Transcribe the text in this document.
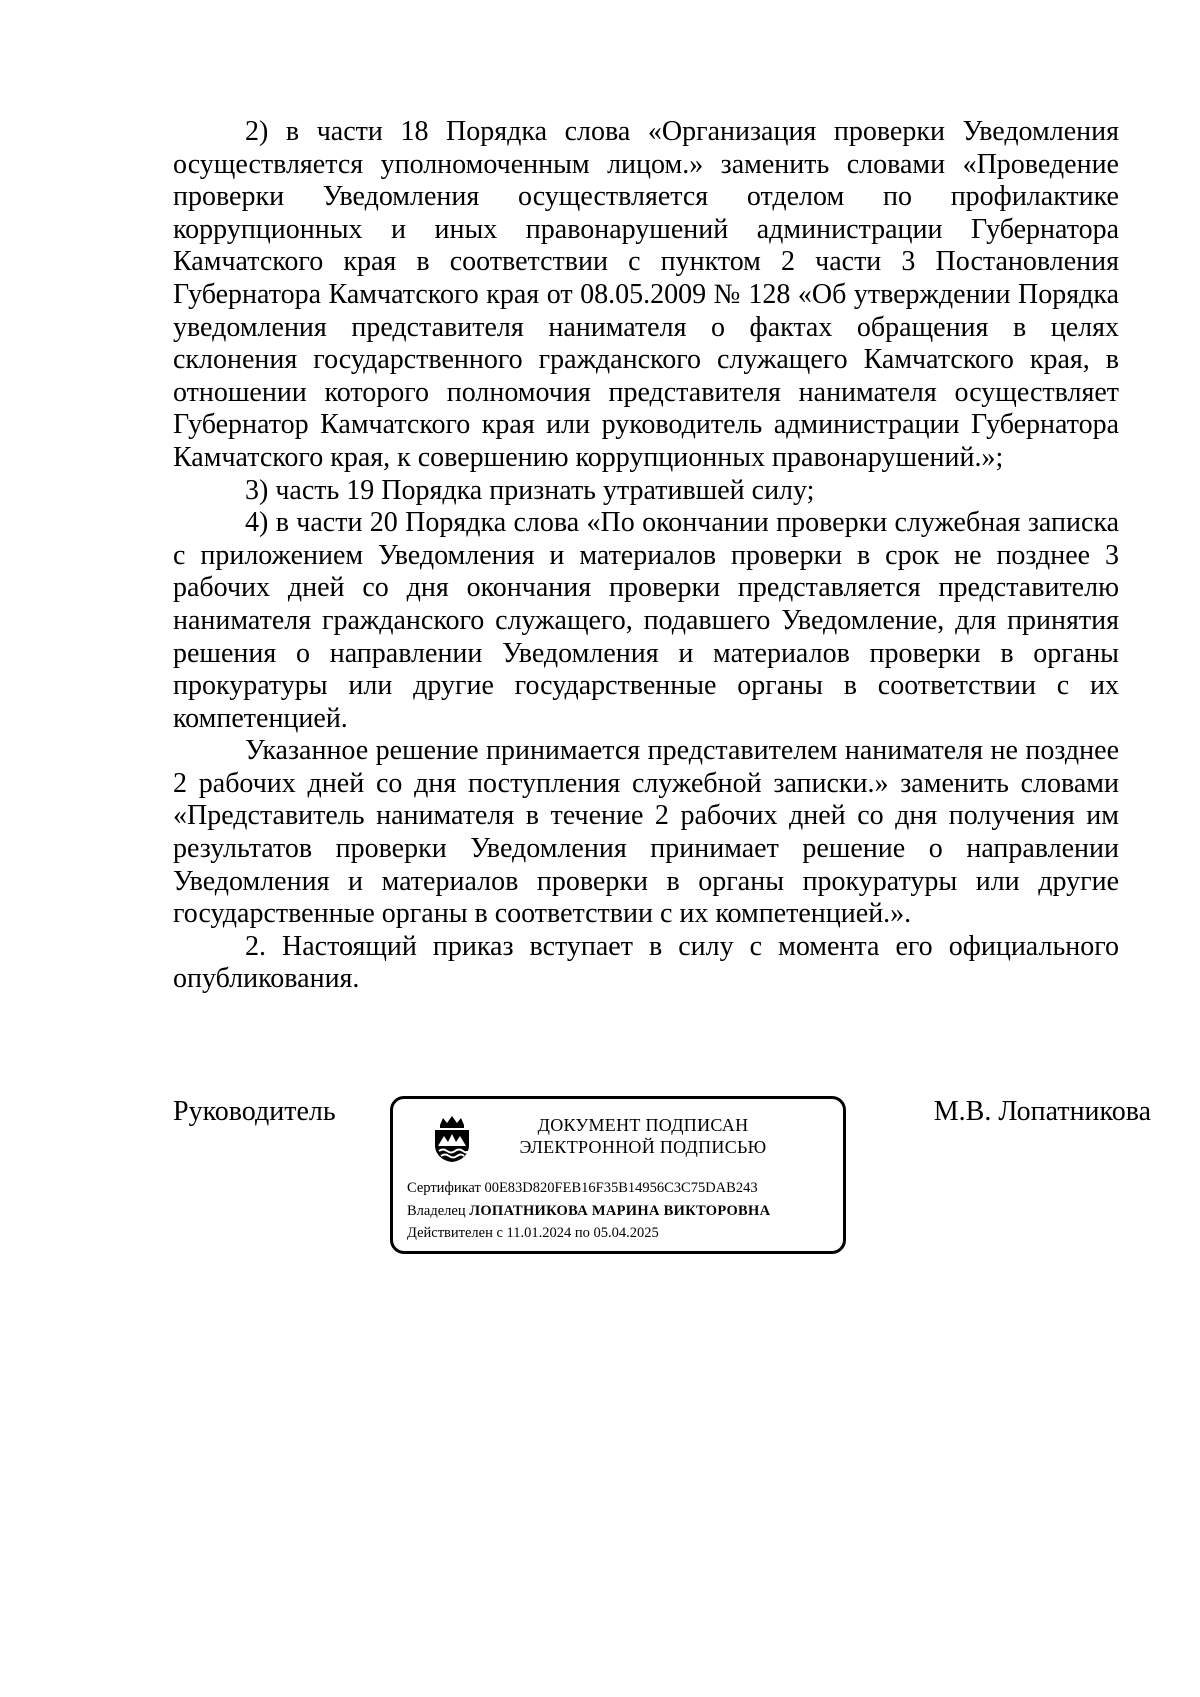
2) в части 18 Порядка слова «Организация проверки Уведомления осуществляется уполномоченным лицом.» заменить словами «Проведение проверки Уведомления осуществляется отделом по профилактике коррупционных и иных правонарушений администрации Губернатора Камчатского края в соответствии с пунктом 2 части 3 Постановления Губернатора Камчатского края от 08.05.2009 № 128 «Об утверждении Порядка уведомления представителя нанимателя о фактах обращения в целях склонения государственного гражданского служащего Камчатского края, в отношении которого полномочия представителя нанимателя осуществляет Губернатор Камчатского края или руководитель администрации Губернатора Камчатского края, к совершению коррупционных правонарушений.»;

3) часть 19 Порядка признать утратившей силу;

4) в части 20 Порядка слова «По окончании проверки служебная записка с приложением Уведомления и материалов проверки в срок не позднее 3 рабочих дней со дня окончания проверки представляется представителю нанимателя гражданского служащего, подавшего Уведомление, для принятия решения о направлении Уведомления и материалов проверки в органы прокуратуры или другие государственные органы в соответствии с их компетенцией.

Указанное решение принимается представителем нанимателя не позднее 2 рабочих дней со дня поступления служебной записки.» заменить словами «Представитель нанимателя в течение 2 рабочих дней со дня получения им результатов проверки Уведомления принимает решение о направлении Уведомления и материалов проверки в органы прокуратуры или другие государственные органы в соответствии с их компетенцией.».

2. Настоящий приказ вступает в силу с момента его официального опубликования.

Руководитель	ДОКУМЕНТ ПОДПИСАН
ЭЛЕКТРОННОЙ ПОДПИСЬЮ
Сертификат 00E83D820FEB16F35B14956C3C75DAB243
Владелец ЛОПАТНИКОВА МАРИНА ВИКТОРОВНА
Действителен с 11.01.2024 по 05.04.2025
М.В. Лопатникова
